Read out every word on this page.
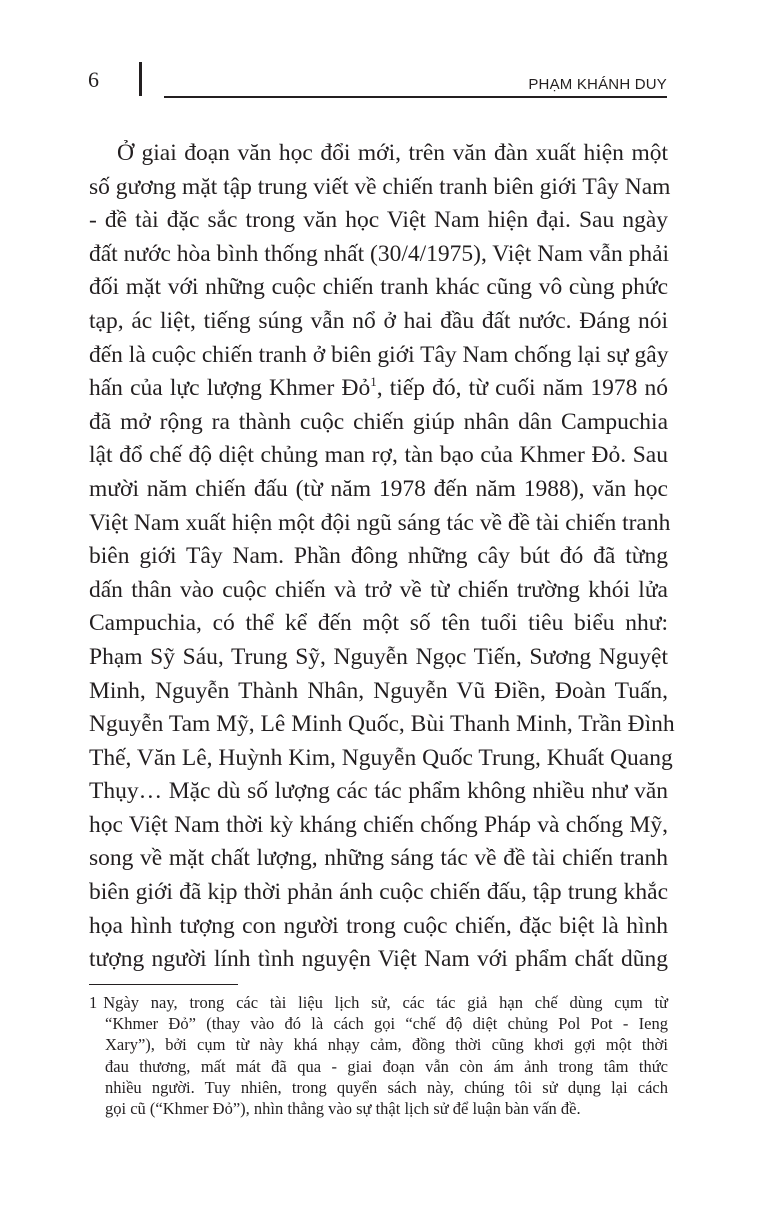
6	PHẠM KHÁNH DUY
Ở giai đoạn văn học đổi mới, trên văn đàn xuất hiện một
số gương mặt tập trung viết về chiến tranh biên giới Tây Nam
- đề tài đặc sắc trong văn học Việt Nam hiện đại. Sau ngày
đất nước hòa bình thống nhất (30/4/1975), Việt Nam vẫn phải
đối mặt với những cuộc chiến tranh khác cũng vô cùng phức
tạp, ác liệt, tiếng súng vẫn nổ ở hai đầu đất nước. Đáng nói
đến là cuộc chiến tranh ở biên giới Tây Nam chống lại sự gây
hấn của lực lượng Khmer Đỏ$^1$, tiếp đó, từ cuối năm 1978 nó
đã mở rộng ra thành cuộc chiến giúp nhân dân Campuchia
lật đổ chế độ diệt chủng man rợ, tàn bạo của Khmer Đỏ. Sau
mười năm chiến đấu (từ năm 1978 đến năm 1988), văn học
Việt Nam xuất hiện một đội ngũ sáng tác về đề tài chiến tranh
biên giới Tây Nam. Phần đông những cây bút đó đã từng
dấn thân vào cuộc chiến và trở về từ chiến trường khói lửa
Campuchia, có thể kể đến một số tên tuổi tiêu biểu như:
Phạm Sỹ Sáu, Trung Sỹ, Nguyễn Ngọc Tiến, Sương Nguyệt
Minh, Nguyễn Thành Nhân, Nguyễn Vũ Điền, Đoàn Tuấn,
Nguyễn Tam Mỹ, Lê Minh Quốc, Bùi Thanh Minh, Trần Đình
Thế, Văn Lê, Huỳnh Kim, Nguyễn Quốc Trung, Khuất Quang
Thụy… Mặc dù số lượng các tác phẩm không nhiều như văn
học Việt Nam thời kỳ kháng chiến chống Pháp và chống Mỹ,
song về mặt chất lượng, những sáng tác về đề tài chiến tranh
biên giới đã kịp thời phản ánh cuộc chiến đấu, tập trung khắc
họa hình tượng con người trong cuộc chiến, đặc biệt là hình
tượng người lính tình nguyện Việt Nam với phẩm chất dũng
1 Ngày nay, trong các tài liệu lịch sử, các tác giả hạn chế dùng cụm từ
“Khmer Đỏ” (thay vào đó là cách gọi “chế độ diệt chủng Pol Pot - Ieng
Xary”), bởi cụm từ này khá nhạy cảm, đồng thời cũng khơi gợi một thời
đau thương, mất mát đã qua - giai đoạn vẫn còn ám ảnh trong tâm thức
nhiều người. Tuy nhiên, trong quyển sách này, chúng tôi sử dụng lại cách
gọi cũ (“Khmer Đỏ”), nhìn thẳng vào sự thật lịch sử để luận bàn vấn đề.
